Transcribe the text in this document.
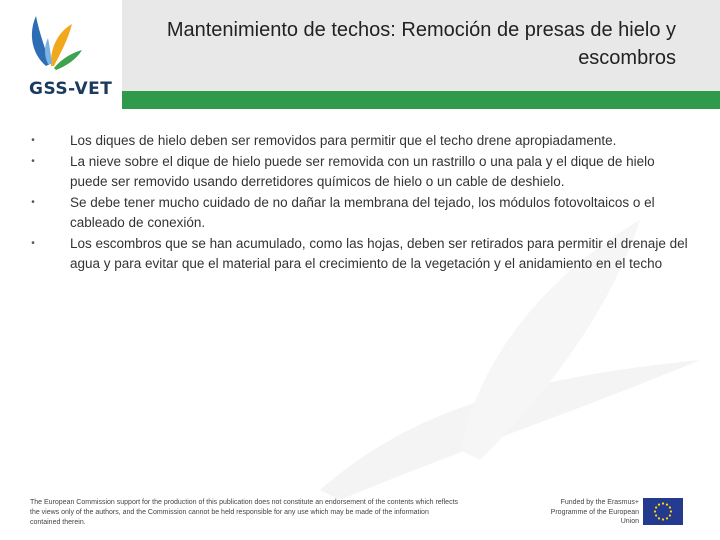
GSS-VET
Mantenimiento de techos: Remoción de presas de hielo y escombros
•	Los diques de hielo deben ser removidos para permitir que el techo drene apropiadamente.
•	La nieve sobre el dique de hielo puede ser removida con un rastrillo o una pala y el dique de hielo puede ser removido usando derretidores químicos de hielo o un cable de deshielo.
•	Se debe tener mucho cuidado de no dañar la membrana del tejado, los módulos fotovoltaicos o el cableado de conexión.
•	Los escombros que se han acumulado, como las hojas, deben ser retirados para permitir el drenaje del agua y para evitar que el material para el crecimiento de la vegetación y el anidamiento en el techo
The European Commission support for the production of this publication does not constitute an endorsement of the contents which reflects the views only of the authors, and the Commission cannot be held responsible for any use which may be made of the information contained therein.
Funded by the Erasmus+ Programme of the European Union
